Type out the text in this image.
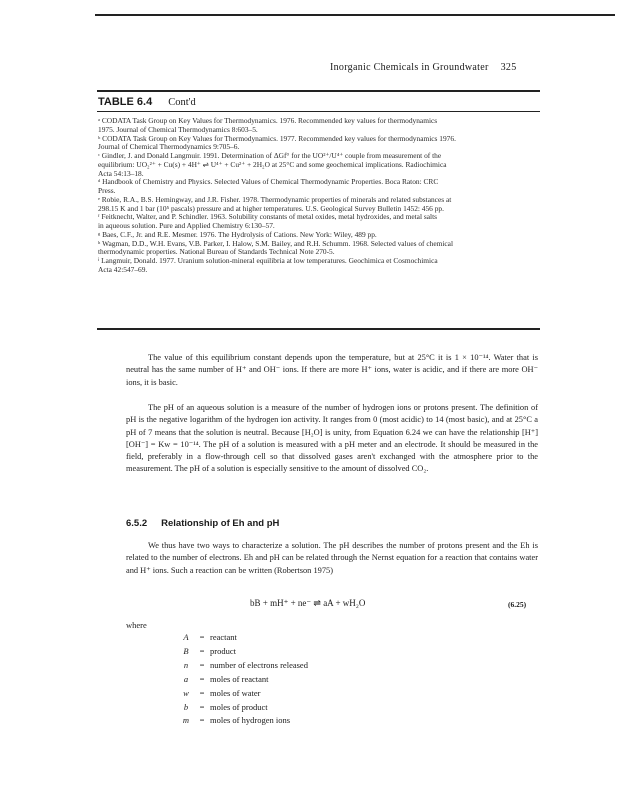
Inorganic Chemicals in Groundwater 325
TABLE 6.4 Cont'd
ᵃ CODATA Task Group on Key Values for Thermodynamics. 1976. Recommended key values for thermodynamics
1975. Journal of Chemical Thermodynamics 8:603–5.
ᵇ CODATA Task Group on Key Values for Thermodynamics. 1977. Recommended key values for thermodynamics 1976.
Journal of Chemical Thermodynamics 9:705–6.
ᶜ Gindler, J. and Donald Langmuir. 1991. Determination of ΔGf° for the UO²⁺/U⁴⁺ couple from measurement of the
equilibrium: UO₂²⁺ + Cu(s) + 4H⁺ ⇌ U⁴⁺ + Cu²⁺ + 2H₂O at 25°C and some geochemical implications. Radiochimica
Acta 54:13–18.
ᵈ Handbook of Chemistry and Physics. Selected Values of Chemical Thermodynamic Properties. Boca Raton: CRC
Press.
ᵉ Robie, R.A., B.S. Hemingway, and J.R. Fisher. 1978. Thermodynamic properties of minerals and related substances at
298.15 K and 1 bar (10⁵ pascals) pressure and at higher temperatures. U.S. Geological Survey Bulletin 1452: 456 pp.
ᶠ Feitknecht, Walter, and P. Schindler. 1963. Solubility constants of metal oxides, metal hydroxides, and metal salts
in aqueous solution. Pure and Applied Chemistry 6:130–57.
ᵍ Baes, C.F., Jr. and R.E. Mesmer. 1976. The Hydrolysis of Cations. New York: Wiley, 489 pp.
ʰ Wagman, D.D., W.H. Evans, V.B. Parker, I. Halow, S.M. Bailey, and R.H. Schumm. 1968. Selected values of chemical
thermodynamic properties. National Bureau of Standards Technical Note 270-5.
ⁱ Langmuir, Donald. 1977. Uranium solution-mineral equilibria at low temperatures. Geochimica et Cosmochimica
Acta 42:547–69.

The value of this equilibrium constant depends upon the temperature, but at 25°C it is 1 × 10⁻¹⁴. Water that is neutral has the same number of H⁺ and OH⁻ ions. If there are more H⁺ ions, water is acidic, and if there are more OH⁻ ions, it is basic.

The pH of an aqueous solution is a measure of the number of hydrogen ions or protons present. The definition of pH is the negative logarithm of the hydrogen ion activity. It ranges from 0 (most acidic) to 14 (most basic), and at 25°C a pH of 7 means that the solution is neutral. Because [H₂O] is unity, from Equation 6.24 we can have the relationship [H⁺][OH⁻] = Kw = 10⁻¹⁴. The pH of a solution is measured with a pH meter and an electrode. It should be measured in the field, preferably in a flow-through cell so that dissolved gases aren't exchanged with the atmosphere prior to the measurement. The pH of a solution is especially sensitive to the amount of dissolved CO₂.

6.5.2 Relationship of Eh and pH

We thus have two ways to characterize a solution. The pH describes the number of protons present and the Eh is related to the number of electrons. Eh and pH can be related through the Nernst equation for a reaction that contains water and H⁺ ions. Such a reaction can be written (Robertson 1975)

bB + mH⁺ + ne⁻ ⇌ aA + wH₂O	(6.25)
where
A = reactant
B = product
n = number of electrons released
a = moles of reactant
w = moles of water
b = moles of product
m = moles of hydrogen ions
